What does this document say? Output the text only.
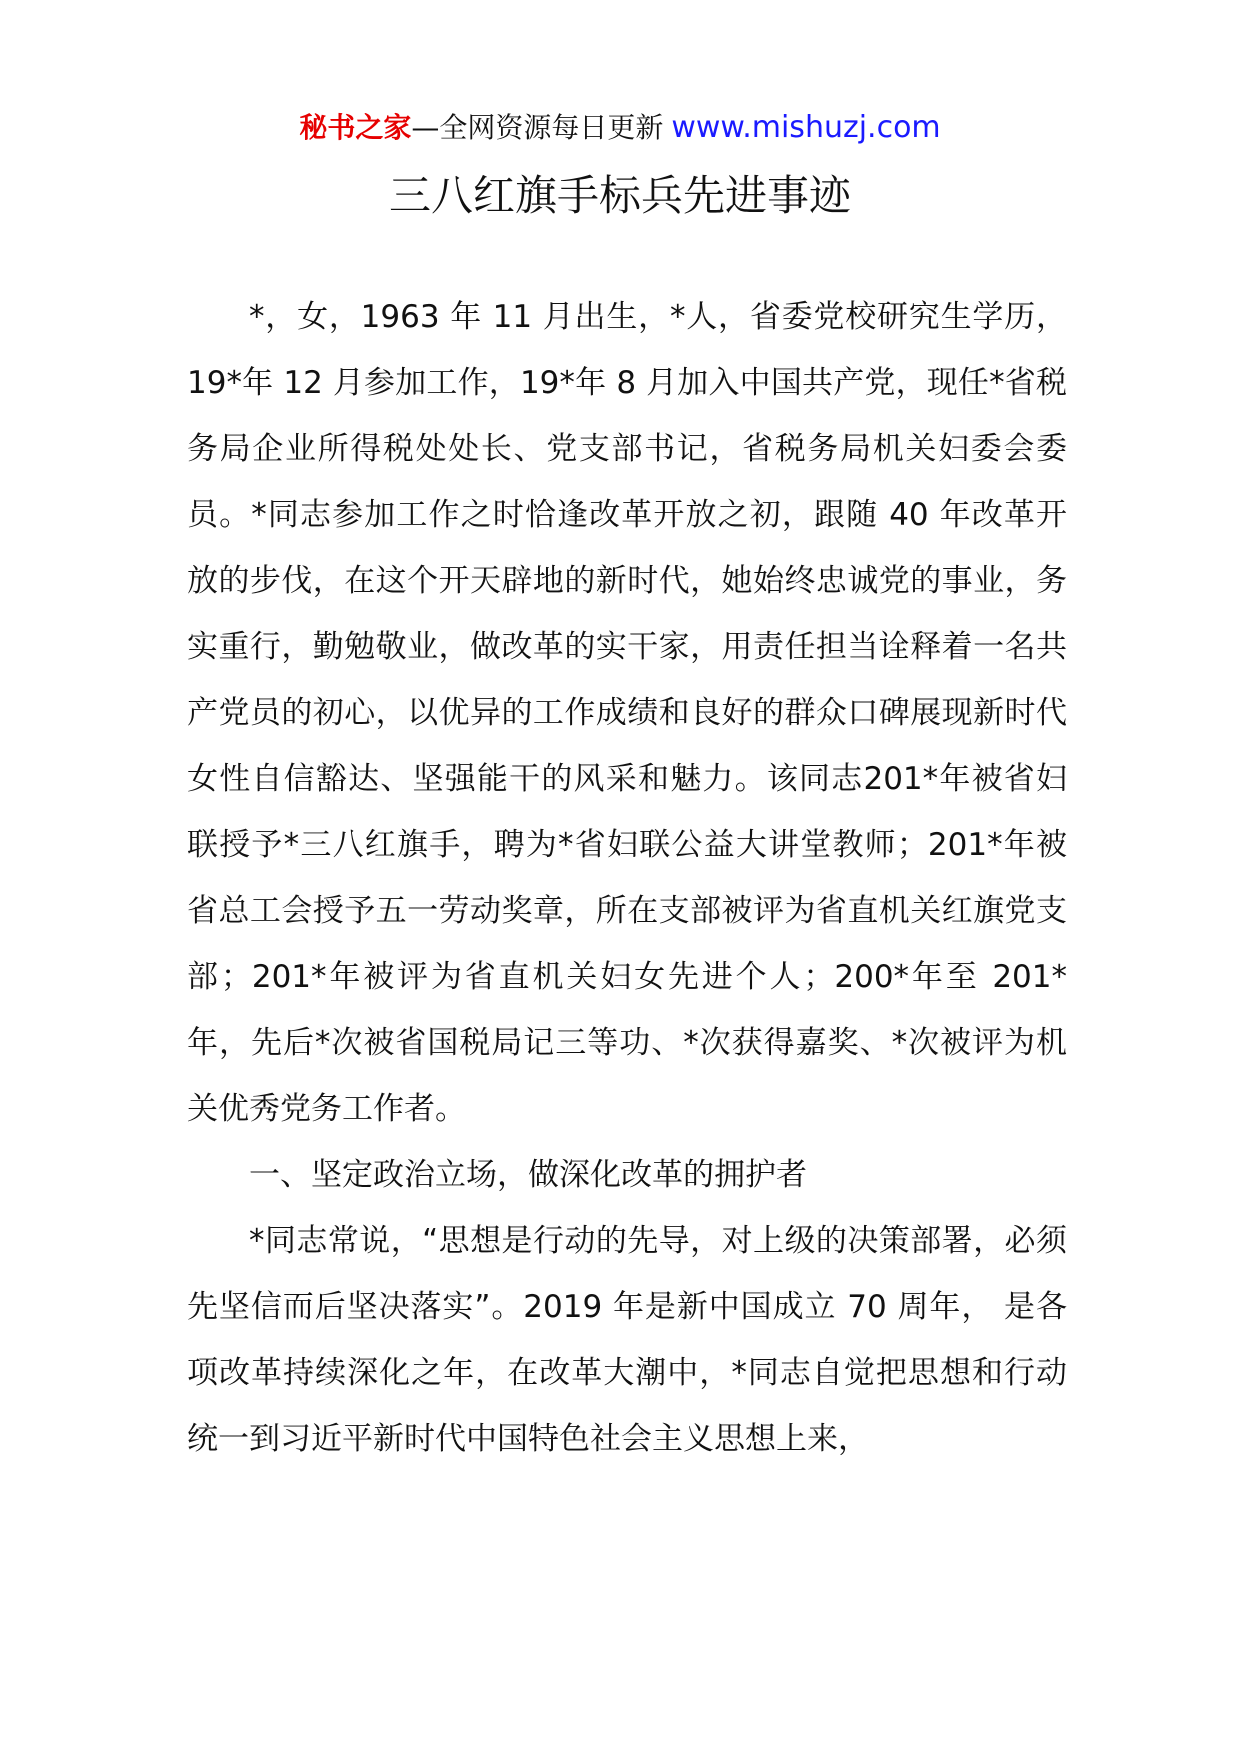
秘书之家—全网资源每日更新 www.mishuzj.com
三八红旗手标兵先进事迹

*，女，1963 年 11 月出生，*人，省委党校研究生学历， 19*年 12 月参加工作，19*年 8 月加入中国共产党，现任*省税务局企业所得税处处长、党支部书记，省税务局机关妇委会委员。*同志参加工作之时恰逢改革开放之初，跟随 40 年改革开放的步伐，在这个开天辟地的新时代，她始终忠诚党的事业，务实重行，勤勉敬业，做改革的实干家，用责任担当诠释着一名共产党员的初心，以优异的工作成绩和良好的群众口碑展现新时代女性自信豁达、坚强能干的风采和魅力。该同志201*年被省妇联授予*三八红旗手，聘为*省妇联公益大讲堂教师；201*年被省总工会授予五一劳动奖章，所在支部被评为省直机关红旗党支部；201*年被评为省直机关妇女先进个人；200*年至 201*年，先后*次被省国税局记三等功、*次获得嘉奖、*次被评为机关优秀党务工作者。

一、坚定政治立场，做深化改革的拥护者

*同志常说，“思想是行动的先导，对上级的决策部署，必须先坚信而后坚决落实”。2019 年是新中国成立 70 周年， 是各项改革持续深化之年，在改革大潮中，*同志自觉把思想和行动统一到习近平新时代中国特色社会主义思想上来，
